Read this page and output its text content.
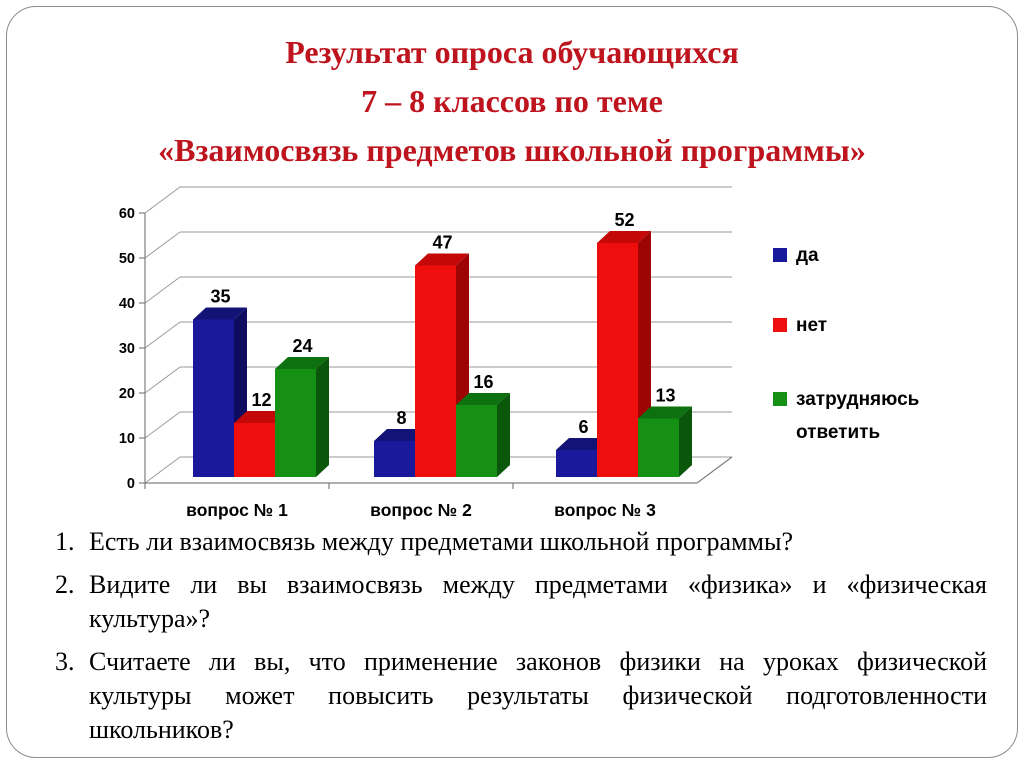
Результат опроса обучающихся
7 – 8 классов по теме
«Взаимосвязь предметов школьной программы»
0
10
20
30
40
50
60
35
12
24
вопрос № 1
8
47
16
вопрос № 2
6
52
13
вопрос № 3
да
нет
затрудняюсь ответить
1. Есть ли взаимосвязь между предметами школьной программы?
2. Видите ли вы взаимосвязь между предметами «физика» и «физическая культура»?
3. Считаете ли вы, что применение законов физики на уроках физической культуры может повысить результаты физической подготовленности школьников?
